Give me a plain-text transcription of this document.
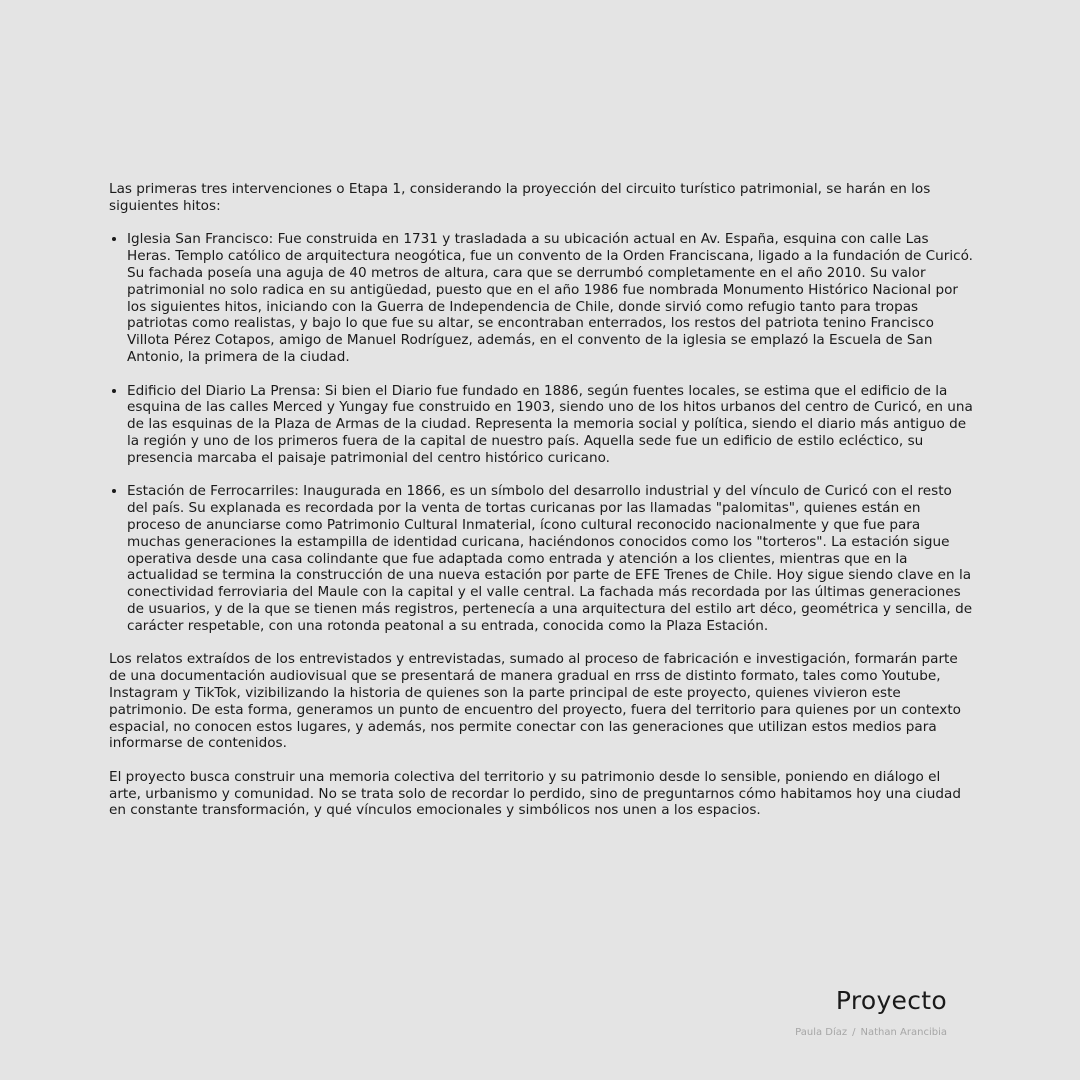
Las primeras tres intervenciones o Etapa 1, considerando la proyección del circuito turístico patrimonial, se harán en los siguientes hitos:

• Iglesia San Francisco: Fue construida en 1731 y trasladada a su ubicación actual en Av. España, esquina con calle Las Heras. Templo católico de arquitectura neogótica, fue un convento de la Orden Franciscana, ligado a la fundación de Curicó. Su fachada poseía una aguja de 40 metros de altura, cara que se derrumbó completamente en el año 2010. Su valor patrimonial no solo radica en su antigüedad, puesto que en el año 1986 fue nombrada Monumento Histórico Nacional por los siguientes hitos, iniciando con la Guerra de Independencia de Chile, donde sirvió como refugio tanto para tropas patriotas como realistas, y bajo lo que fue su altar, se encontraban enterrados, los restos del patriota tenino Francisco Villota Pérez Cotapos, amigo de Manuel Rodríguez, además, en el convento de la iglesia se emplazó la Escuela de San Antonio, la primera de la ciudad.
• Edificio del Diario La Prensa: Si bien el Diario fue fundado en 1886, según fuentes locales, se estima que el edificio de la esquina de las calles Merced y Yungay fue construido en 1903, siendo uno de los hitos urbanos del centro de Curicó, en una de las esquinas de la Plaza de Armas de la ciudad. Representa la memoria social y política, siendo el diario más antiguo de la región y uno de los primeros fuera de la capital de nuestro país. Aquella sede fue un edificio de estilo ecléctico, su presencia marcaba el paisaje patrimonial del centro histórico curicano.
• Estación de Ferrocarriles: Inaugurada en 1866, es un símbolo del desarrollo industrial y del vínculo de Curicó con el resto del país. Su explanada es recordada por la venta de tortas curicanas por las llamadas "palomitas", quienes están en proceso de anunciarse como Patrimonio Cultural Inmaterial, ícono cultural reconocido nacionalmente y que fue para muchas generaciones la estampilla de identidad curicana, haciéndonos conocidos como los "torteros". La estación sigue operativa desde una casa colindante que fue adaptada como entrada y atención a los clientes, mientras que en la actualidad se termina la construcción de una nueva estación por parte de EFE Trenes de Chile. Hoy sigue siendo clave en la conectividad ferroviaria del Maule con la capital y el valle central. La fachada más recordada por las últimas generaciones de usuarios, y de la que se tienen más registros, pertenecía a una arquitectura del estilo art déco, geométrica y sencilla, de carácter respetable, con una rotonda peatonal a su entrada, conocida como la Plaza Estación.

Los relatos extraídos de los entrevistados y entrevistadas, sumado al proceso de fabricación e investigación, formarán parte de una documentación audiovisual que se presentará de manera gradual en rrss de distinto formato, tales como Youtube, Instagram y TikTok, vizibilizando la historia de quienes son la parte principal de este proyecto, quienes vivieron este patrimonio. De esta forma, generamos un punto de encuentro del proyecto, fuera del territorio para quienes por un contexto espacial, no conocen estos lugares, y además, nos permite conectar con las generaciones que utilizan estos medios para informarse de contenidos.

El proyecto busca construir una memoria colectiva del territorio y su patrimonio desde lo sensible, poniendo en diálogo el arte, urbanismo y comunidad. No se trata solo de recordar lo perdido, sino de preguntarnos cómo habitamos hoy una ciudad en constante transformación, y qué vínculos emocionales y simbólicos nos unen a los espacios.

Proyecto
Paula Díaz / Nathan Arancibia
